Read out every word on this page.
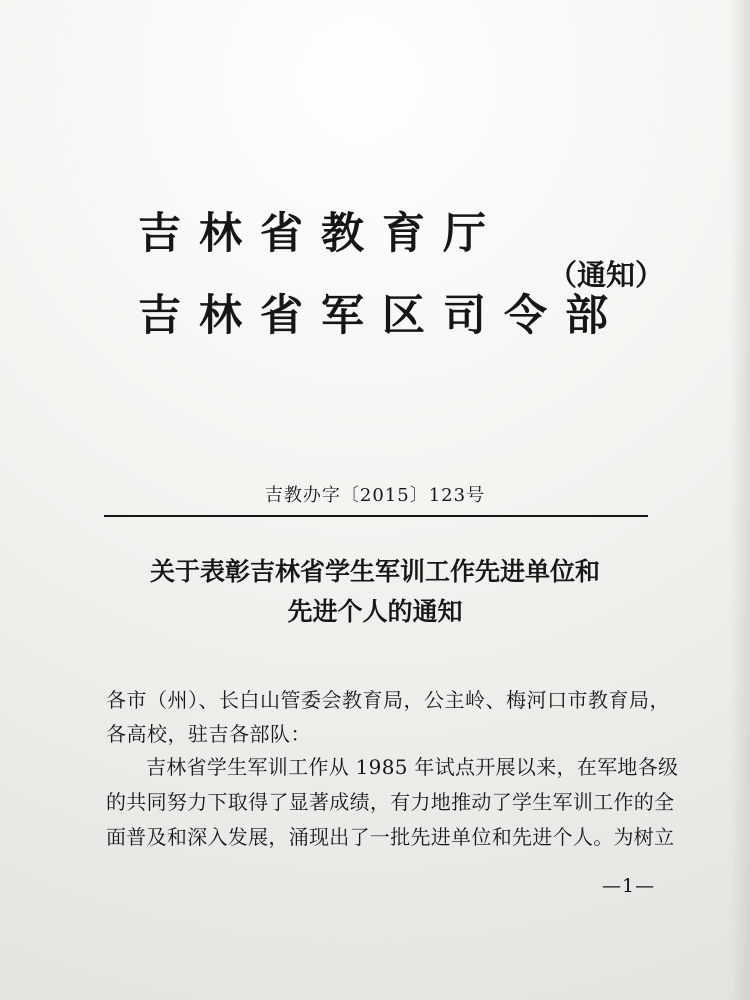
吉林省教育厅
吉林省军区司令部
（通知）
吉教办字〔2015〕123号
关于表彰吉林省学生军训工作先进单位和
先进个人的通知
各市（州）、长白山管委会教育局，公主岭、梅河口市教育局，
各高校，驻吉各部队：
吉林省学生军训工作从 1985 年试点开展以来，在军地各级
的共同努力下取得了显著成绩，有力地推动了学生军训工作的全
面普及和深入发展，涌现出了一批先进单位和先进个人。为树立
—1—
